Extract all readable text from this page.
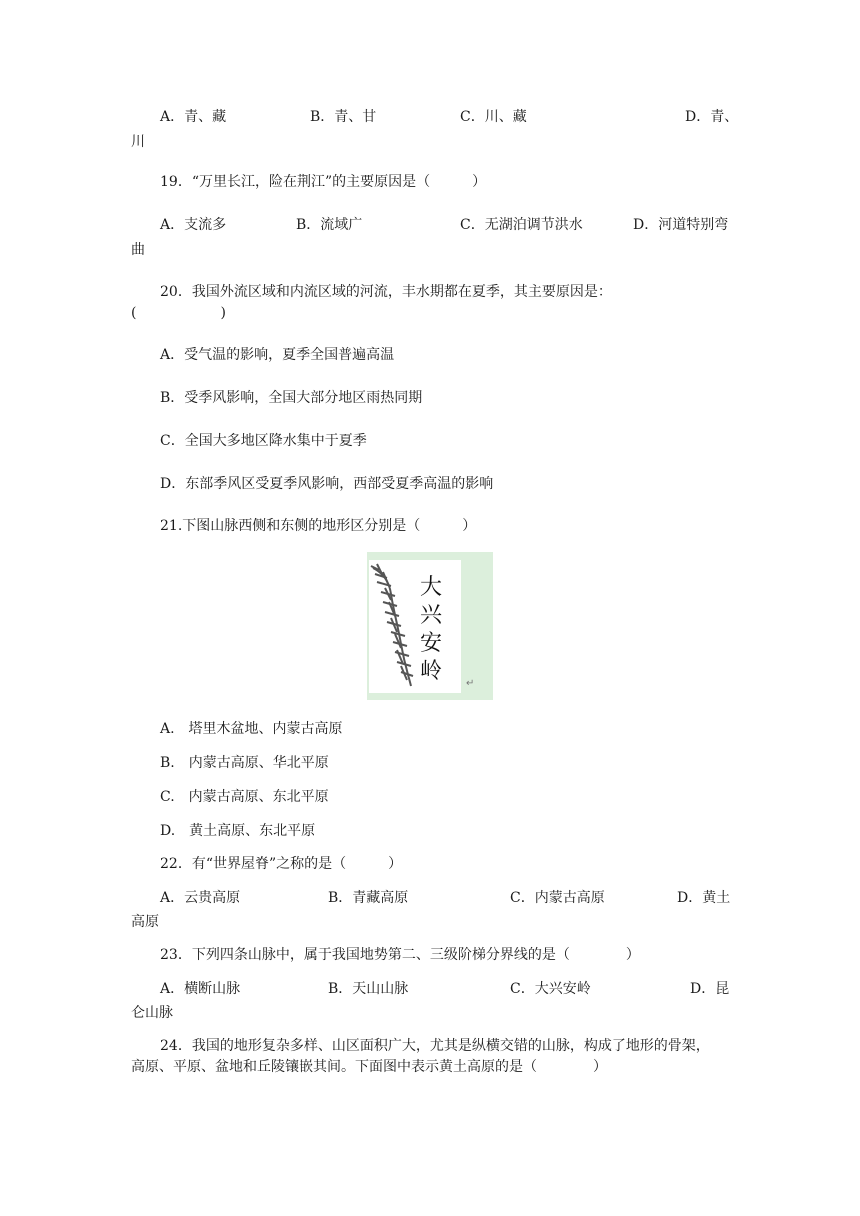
A．青、藏	B．青、甘	C．川、藏	D．青、
川
19．“万里长江，险在荆江”的主要原因是（　　　）
A．支流多	B．流域广	C．无湖泊调节洪水	D．河道特别弯
曲
20．我国外流区域和内流区域的河流，丰水期都在夏季，其主要原因是：
(　　　　　　)
A．受气温的影响，夏季全国普遍高温
B．受季风影响，全国大部分地区雨热同期
C．全国大多地区降水集中于夏季
D．东部季风区受夏季风影响，西部受夏季高温的影响
21.下图山脉西侧和东侧的地形区分别是（　　　）
大
兴
安
岭 ↵
A.　塔里木盆地、内蒙古高原
B.　内蒙古高原、华北平原
C.　内蒙古高原、东北平原
D.　黄土高原、东北平原
22．有“世界屋脊”之称的是（　　　）
A．云贵高原	B．青藏高原	C．内蒙古高原	D．黄土
高原
23．下列四条山脉中，属于我国地势第二、三级阶梯分界线的是（　　　　）
A．横断山脉	B．天山山脉	C．大兴安岭	D．昆
仑山脉
24．我国的地形复杂多样、山区面积广大，尤其是纵横交错的山脉，构成了地形的骨架，
高原、平原、盆地和丘陵镶嵌其间。下面图中表示黄土高原的是（　　　　）
